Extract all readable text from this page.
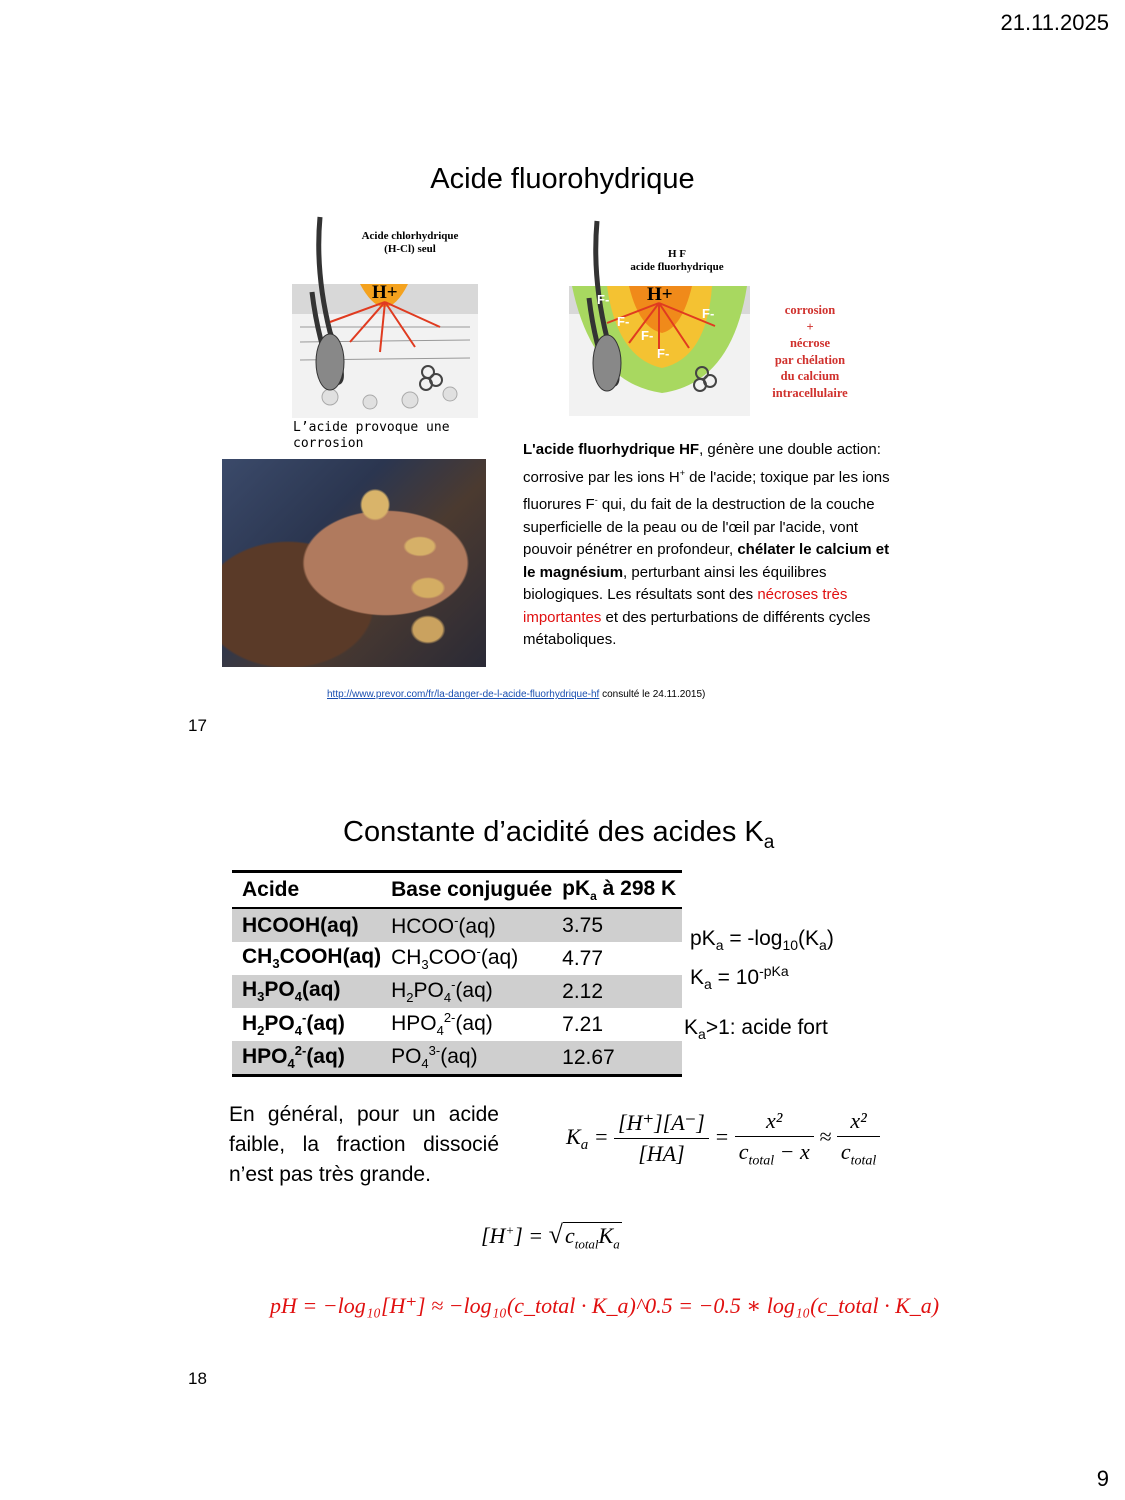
21.11.2025
Acide fluorohydrique
Acide chlorhydrique
(H-Cl) seul
H+
L’acide provoque une
corrosion
H F
acide fluorhydrique
H+
F-
F-
F-
F-
F-	corrosion
+
nécrose
par chélation
du calcium
intracellulaire
L'acide fluorhydrique HF, génère une double action: corrosive par les ions H+ de l'acide; toxique par les ions fluorures F- qui, du fait de la destruction de la couche superficielle de la peau ou de l'œil par l'acide, vont pouvoir pénétrer en profondeur, chélater le calcium et le magnésium, perturbant ainsi les équilibres biologiques. Les résultats sont des nécroses très importantes et des perturbations de différents cycles métaboliques.
http://www.prevor.com/fr/la-danger-de-l-acide-fluorhydrique-hf consulté le 24.11.2015)
17
Constante d’acidité des acides $K_a$
Acide	Base conjuguée	$pK_a$ à 298 K
HCOOH(aq)	HCOO-(aq)	3.75
$CH_3COOH(aq)$	$CH_3COO^-(aq)$	4.77
$H_3PO_4(aq)$	$H_2PO_4^-(aq)$	2.12
$H_2PO_4^-(aq)$	$HPO_4^{2-}(aq)$	7.21
$HPO_4^{2-}(aq)$	$PO_4^{3-}(aq)$	12.67
$pK_a = -\log_{10}(K_a)$
$K_a = 10^{-pKa}$
$K_a>1$: acide fort
En général, pour un acide faible, la fraction dissocié n’est pas très grande.
$K_a = \frac{[H^+][A^-]}{[HA]} = \frac{\text{x²}}{c_{total} - x} \approx \frac{\text{x²}}{c_{total}}$
$[H^+] = √c_{total}K_a$
pH = −log₁₀[H⁺] ≈ −log₁₀(c_total · K_a)^0.5 = −0.5 ∗ log₁₀(c_total · K_a)
18
9
